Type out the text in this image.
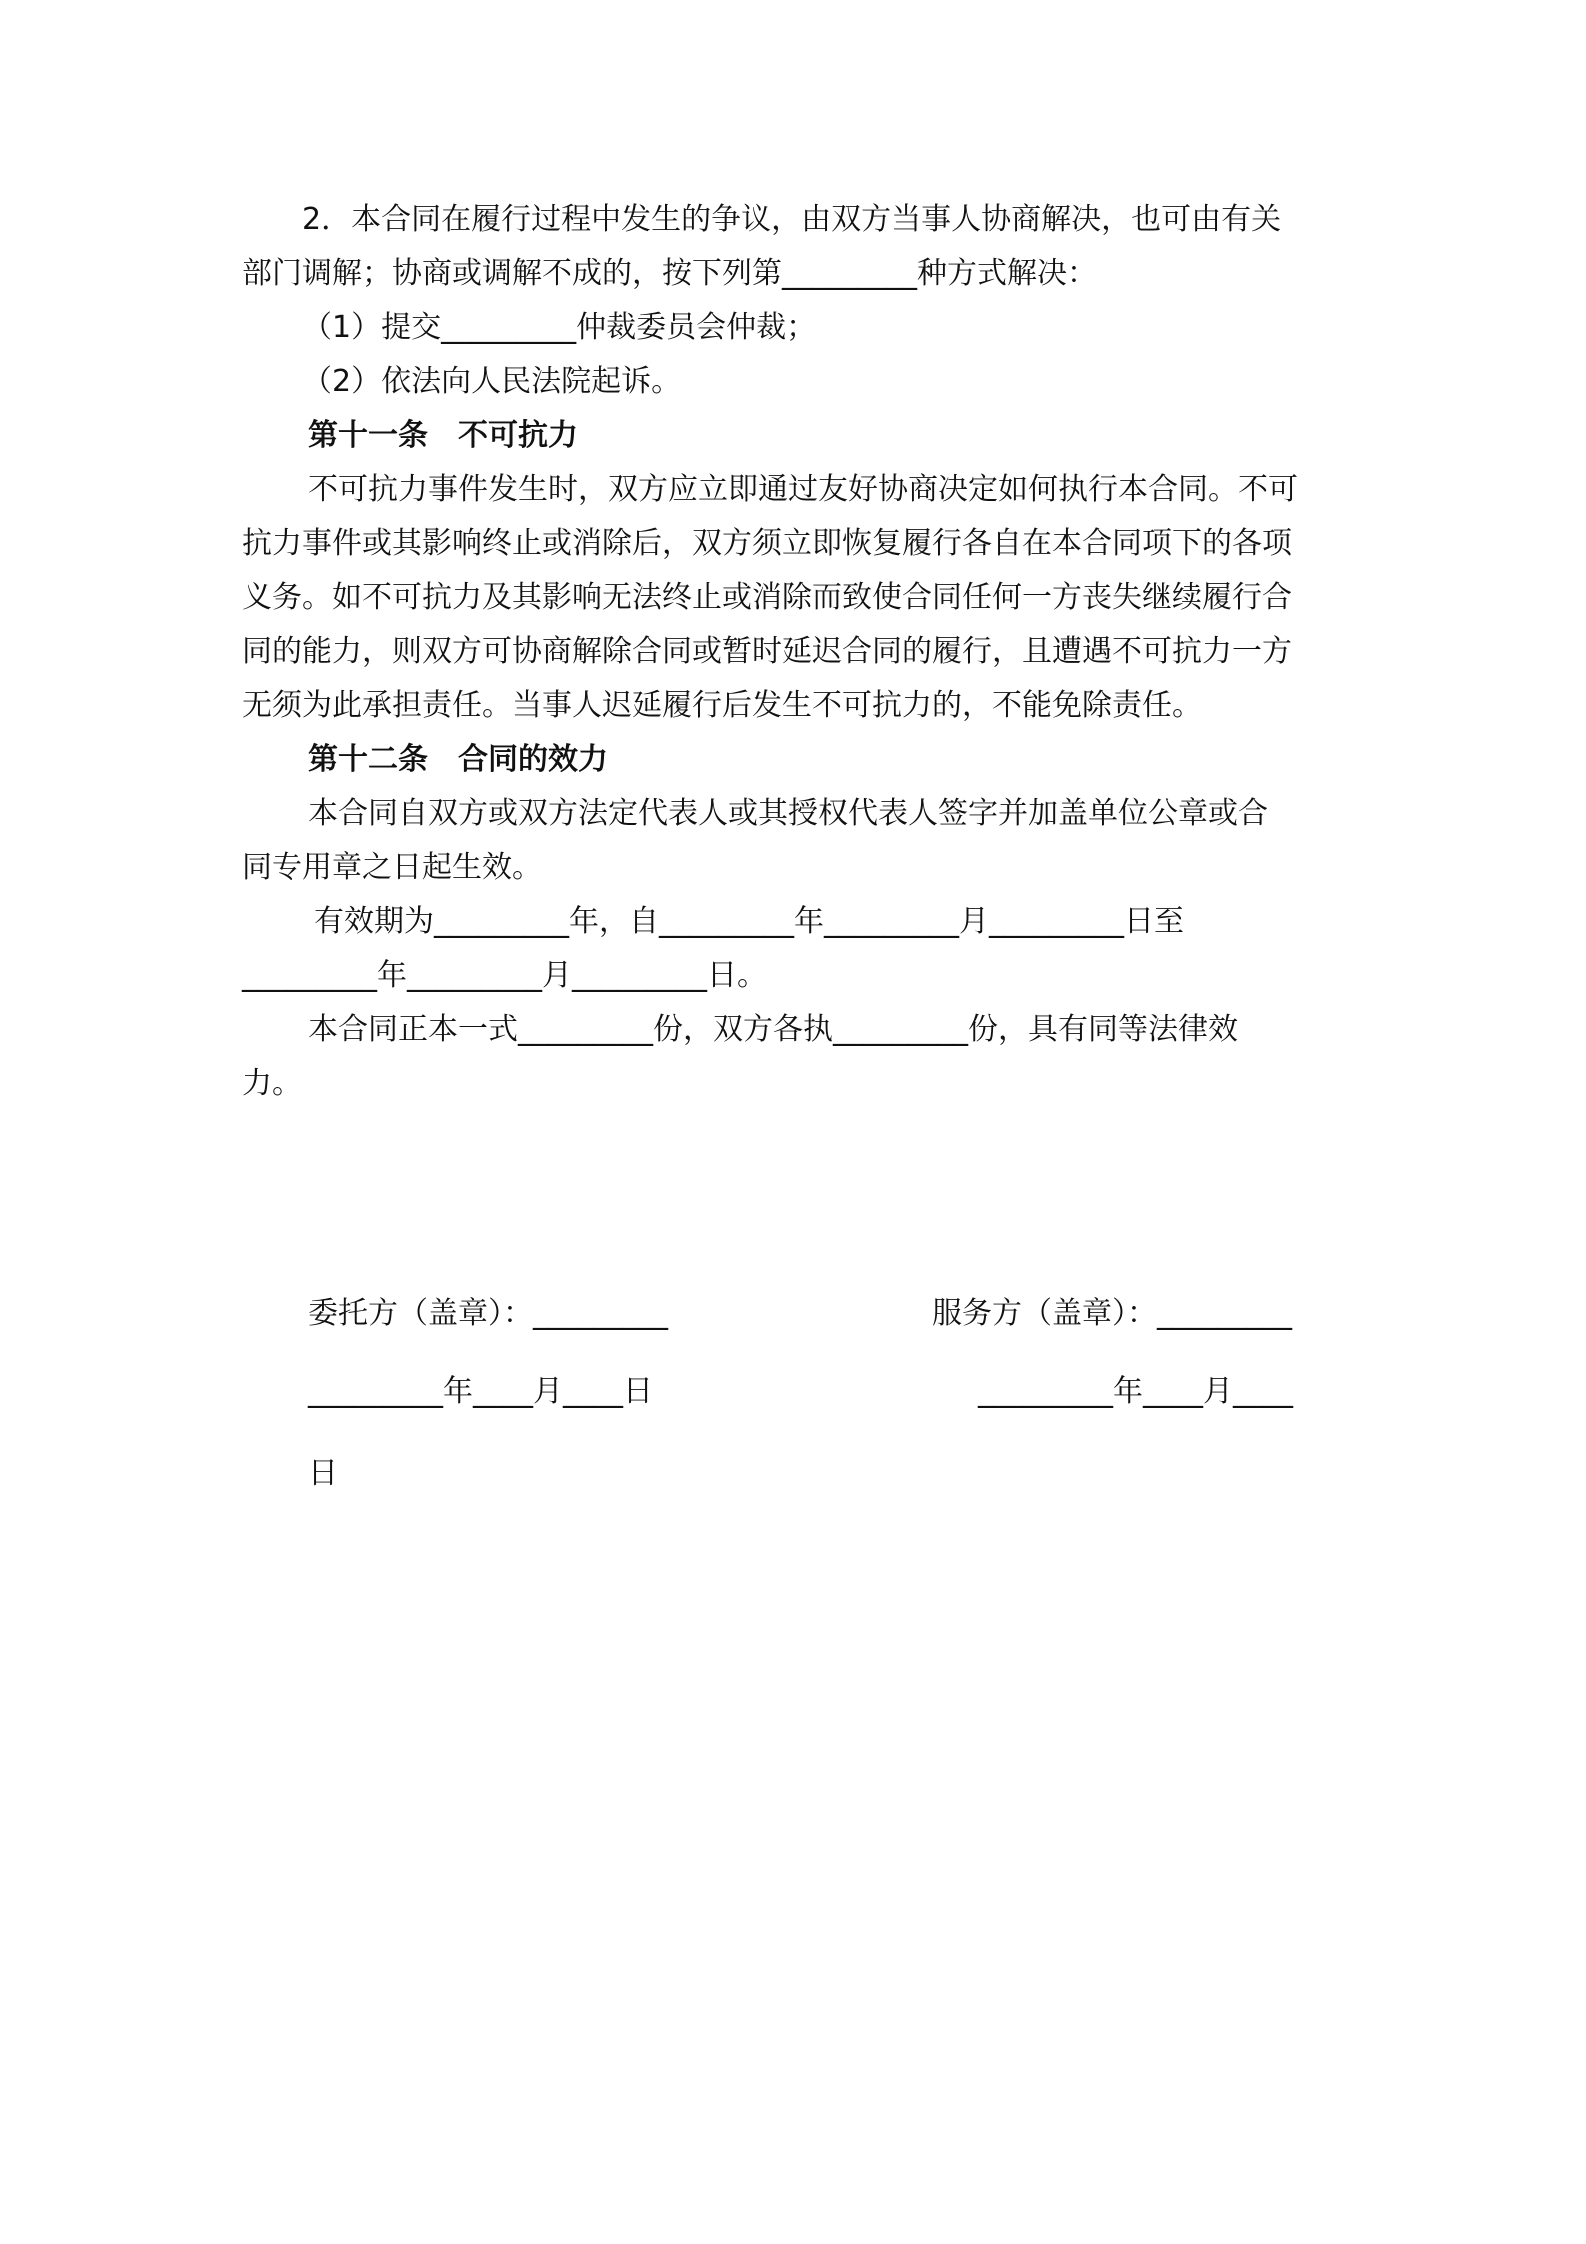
2．本合同在履行过程中发生的争议，由双方当事人协商解决，也可由有关
部门调解；协商或调解不成的，按下列第_________种方式解决：
（1）提交_________仲裁委员会仲裁；
（2）依法向人民法院起诉。
第十一条　不可抗力
不可抗力事件发生时，双方应立即通过友好协商决定如何执行本合同。不可
抗力事件或其影响终止或消除后，双方须立即恢复履行各自在本合同项下的各项
义务。如不可抗力及其影响无法终止或消除而致使合同任何一方丧失继续履行合
同的能力，则双方可协商解除合同或暂时延迟合同的履行，且遭遇不可抗力一方
无须为此承担责任。当事人迟延履行后发生不可抗力的，不能免除责任。
第十二条　合同的效力
本合同自双方或双方法定代表人或其授权代表人签字并加盖单位公章或合
同专用章之日起生效。
有效期为_________年，自_________年_________月_________日至
_________年_________月_________日。
本合同正本一式_________份，双方各执_________份，具有同等法律效
力。
委托方（盖章）：_________	服务方（盖章）：_________
_________年____月____日	_________年____月____
日
